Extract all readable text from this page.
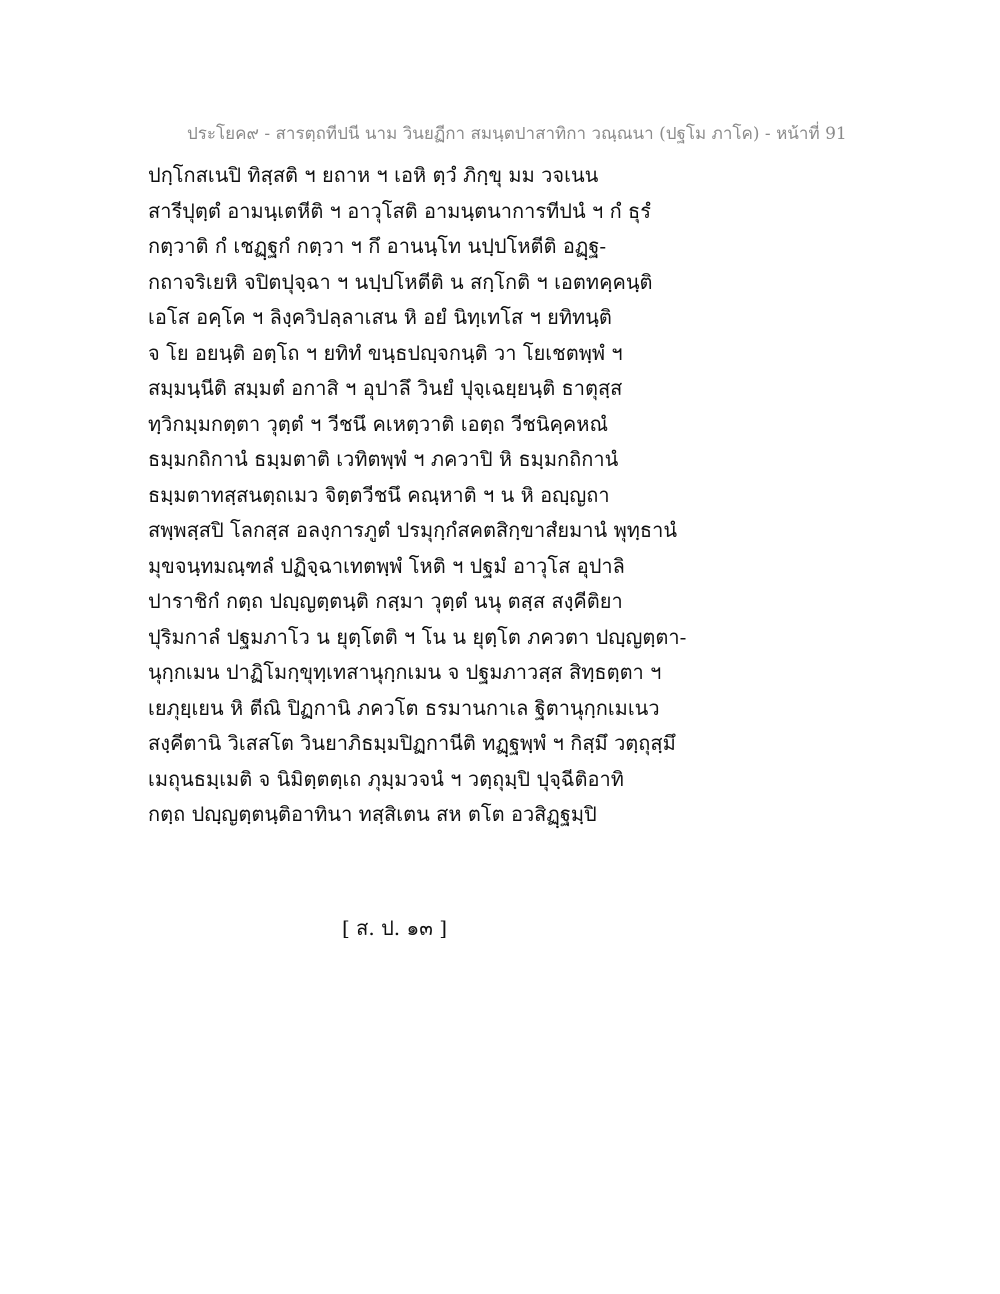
ประโยค๙ - สารตฺถทีปนี นาม วินยฏีกา สมนฺตปาสาทิกา วณฺณนา (ปฐโม ภาโค) - หน้าที่ 91
ปกฺโกสเนปิ ทิสฺสติ ฯ ยถาห ฯ เอหิ ตฺวํ ภิกฺขุ มม วจเนน
สารีปุตฺตํ อามนฺเตหีติ ฯ อาวุโสติ อามนฺตนาการทีปนํ ฯ กํ ธุรํ
กตฺวาติ กํ เชฏฺฐกํ กตฺวา ฯ กึ อานนฺโท นปฺปโหตีติ อฏฺฐ-
กถาจริเยหิ จปิตปุจฺฉา ฯ นปฺปโหตีติ น สกฺโกติ ฯ เอตทคฺคนฺติ
เอโส อคฺโค ฯ ลิงฺควิปลฺลาเสน หิ อยํ นิทฺเทโส ฯ ยทิทนฺติ
จ โย อยนฺติ อตฺโถ ฯ ยทิทํ ขนฺธปญฺจกนฺติ วา โยเชตพฺพํ ฯ
สมฺมนฺนีติ สมฺมตํ อกาสิ ฯ อุปาลึ วินยํ ปุจฺเฉยฺยนฺติ ธาตุสฺส
ทฺวิกมฺมกตฺตา วุตฺตํ ฯ วีชนึ คเหตฺวาติ เอตฺถ วีชนิคฺคหณํ
ธมฺมกถิกานํ ธมฺมตาติ เวทิตพฺพํ ฯ ภควาปิ หิ ธมฺมกถิกานํ
ธมฺมตาทสฺสนตฺถเมว จิตฺตวีชนึ คณฺหาติ ฯ น หิ อญฺญถา
สพฺพสฺสปิ โลกสฺส อลงฺการภูตํ ปรมุกฺกํสคตสิกฺขาสํยมานํ พุทฺธานํ
มุขจนฺทมณฺฑลํ ปฏิจฺฉาเทตพฺพํ โหติ ฯ ปฐมํ อาวุโส อุปาลิ
ปาราชิกํ กตฺถ ปญฺญตฺตนฺติ กสฺมา วุตฺตํ นนุ ตสฺส สงฺคีติยา
ปุริมกาลํ ปฐมภาโว น ยุตฺโตติ ฯ โน น ยุตฺโต ภควตา ปญฺญตฺตา-
นุกฺกเมน ปาฏิโมกฺขุทฺเทสานุกฺกเมน จ ปฐมภาวสฺส สิทฺธตฺตา ฯ
เยภุยฺเยน หิ ตีณิ ปิฏกานิ ภควโต ธรมานกาเล ฐิตานุกฺกเมเนว
สงฺคีตานิ วิเสสโต วินยาภิธมฺมปิฏกานีติ ทฏฺฐพฺพํ ฯ กิสฺมึ วตฺถุสฺมึ
เมถุนธมฺเมติ จ นิมิตฺตตฺเถ ภุมฺมวจนํ ฯ วตฺถุมฺปิ ปุจฺฉีติอาทิ
กตฺถ ปญฺญตฺตนฺติอาทินา ทสฺสิเตน สห ตโต อวสิฏฺฐมฺปิ
[ ส. ป. ๑๓ ]
